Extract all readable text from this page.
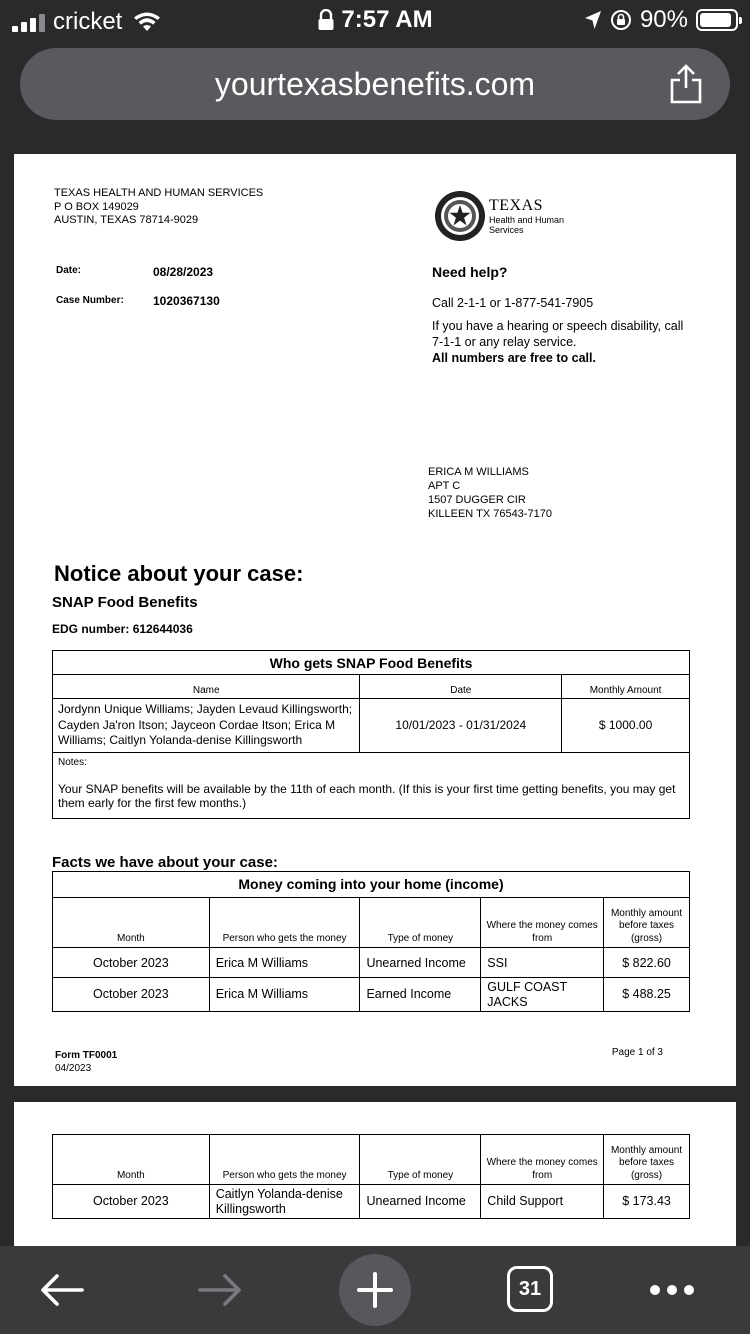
cricket	7:57 AM	90%
yourtexasbenefits.com
TEXAS HEALTH AND HUMAN SERVICES
P O BOX 149029
AUSTIN, TEXAS 78714-9029
TEXAS
Health and Human
Services
Date:	08/28/2023
Case Number: 1020367130
Need help?
Call 2-1-1 or 1-877-541-7905
If you have a hearing or speech disability, call 7-1-1 or any relay service.
All numbers are free to call.
ERICA M WILLIAMS
APT C
1507 DUGGER CIR
KILLEEN TX 76543-7170
Notice about your case:
SNAP Food Benefits
EDG number: 612644036
Who gets SNAP Food Benefits		
Name	Date	Monthly Amount
Jordynn Unique Williams; Jayden Levaud Killingsworth; Cayden Ja'ron Itson; Jayceon Cordae Itson; Erica M Williams; Caitlyn Yolanda-denise Killingsworth	10/01/2023 - 01/31/2024	$ 1000.00

Notes:
Your SNAP benefits will be available by the 11th of each month. (If this is your first time getting benefits, you may get them early for the first few months.)		
Facts we have about your case:
Money coming into your home (income)				
Month	Person who gets the money	Type of money	Where the money comes from	Monthly amount before taxes (gross)
October 2023	Erica M Williams	Unearned Income	SSI	$ 822.60
October 2023	Erica M Williams	Earned Income	GULF COAST JACKS	$ 488.25
Form TF0001
04/2023
Page 1 of 3
Month	Person who gets the money	Type of money	Where the money comes from	Monthly amount before taxes (gross)
October 2023	Caitlyn Yolanda-denise Killingsworth	Unearned Income	Child Support	$ 173.43
31
